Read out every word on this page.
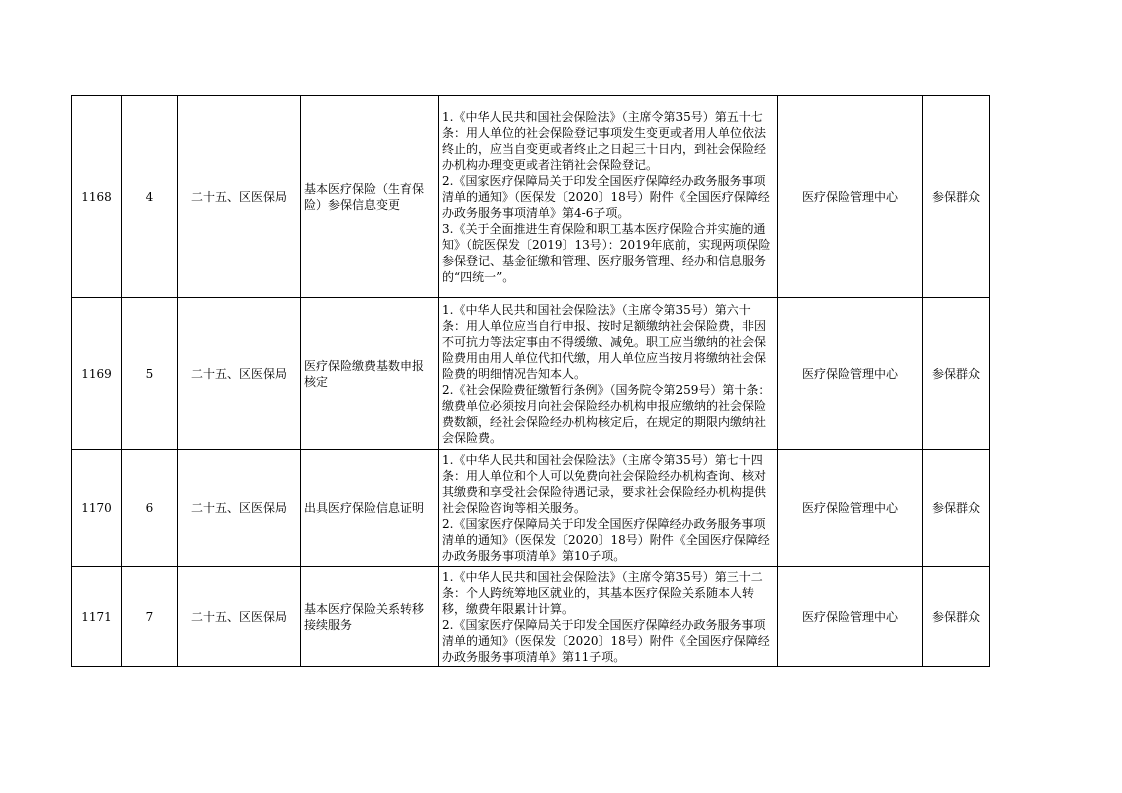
1168	4	二十五、区医保局	基本医疗保险（生育保险）参保信息变更	1.《中华人民共和国社会保险法》（主席令第35号）第五十七条：用人单位的社会保险登记事项发生变更或者用人单位依法终止的，应当自变更或者终止之日起三十日内，到社会保险经办机构办理变更或者注销社会保险登记。
2.《国家医疗保障局关于印发全国医疗保障经办政务服务事项清单的通知》（医保发〔2020〕18号）附件《全国医疗保障经办政务服务事项清单》第4-6子项。
3.《关于全面推进生育保险和职工基本医疗保险合并实施的通知》（皖医保发〔2019〕13号）：2019年底前，实现两项保险参保登记、基金征缴和管理、医疗服务管理、经办和信息服务的“四统一”。	医疗保险管理中心	参保群众
1169	5	二十五、区医保局	医疗保险缴费基数申报核定	1.《中华人民共和国社会保险法》（主席令第35号）第六十条：用人单位应当自行申报、按时足额缴纳社会保险费，非因不可抗力等法定事由不得缓缴、减免。职工应当缴纳的社会保险费用由用人单位代扣代缴，用人单位应当按月将缴纳社会保险费的明细情况告知本人。
2.《社会保险费征缴暂行条例》（国务院令第259号）第十条：缴费单位必须按月向社会保险经办机构申报应缴纳的社会保险费数额，经社会保险经办机构核定后，在规定的期限内缴纳社会保险费。	医疗保险管理中心	参保群众
1170	6	二十五、区医保局	出具医疗保险信息证明	1.《中华人民共和国社会保险法》（主席令第35号）第七十四条：用人单位和个人可以免费向社会保险经办机构查询、核对其缴费和享受社会保险待遇记录，要求社会保险经办机构提供社会保险咨询等相关服务。
2.《国家医疗保障局关于印发全国医疗保障经办政务服务事项清单的通知》（医保发〔2020〕18号）附件《全国医疗保障经办政务服务事项清单》第10子项。	医疗保险管理中心	参保群众
1171	7	二十五、区医保局	基本医疗保险关系转移接续服务	1.《中华人民共和国社会保险法》（主席令第35号）第三十二条：个人跨统筹地区就业的，其基本医疗保险关系随本人转移，缴费年限累计计算。
2.《国家医疗保障局关于印发全国医疗保障经办政务服务事项清单的通知》（医保发〔2020〕18号）附件《全国医疗保障经办政务服务事项清单》第11子项。	医疗保险管理中心	参保群众
